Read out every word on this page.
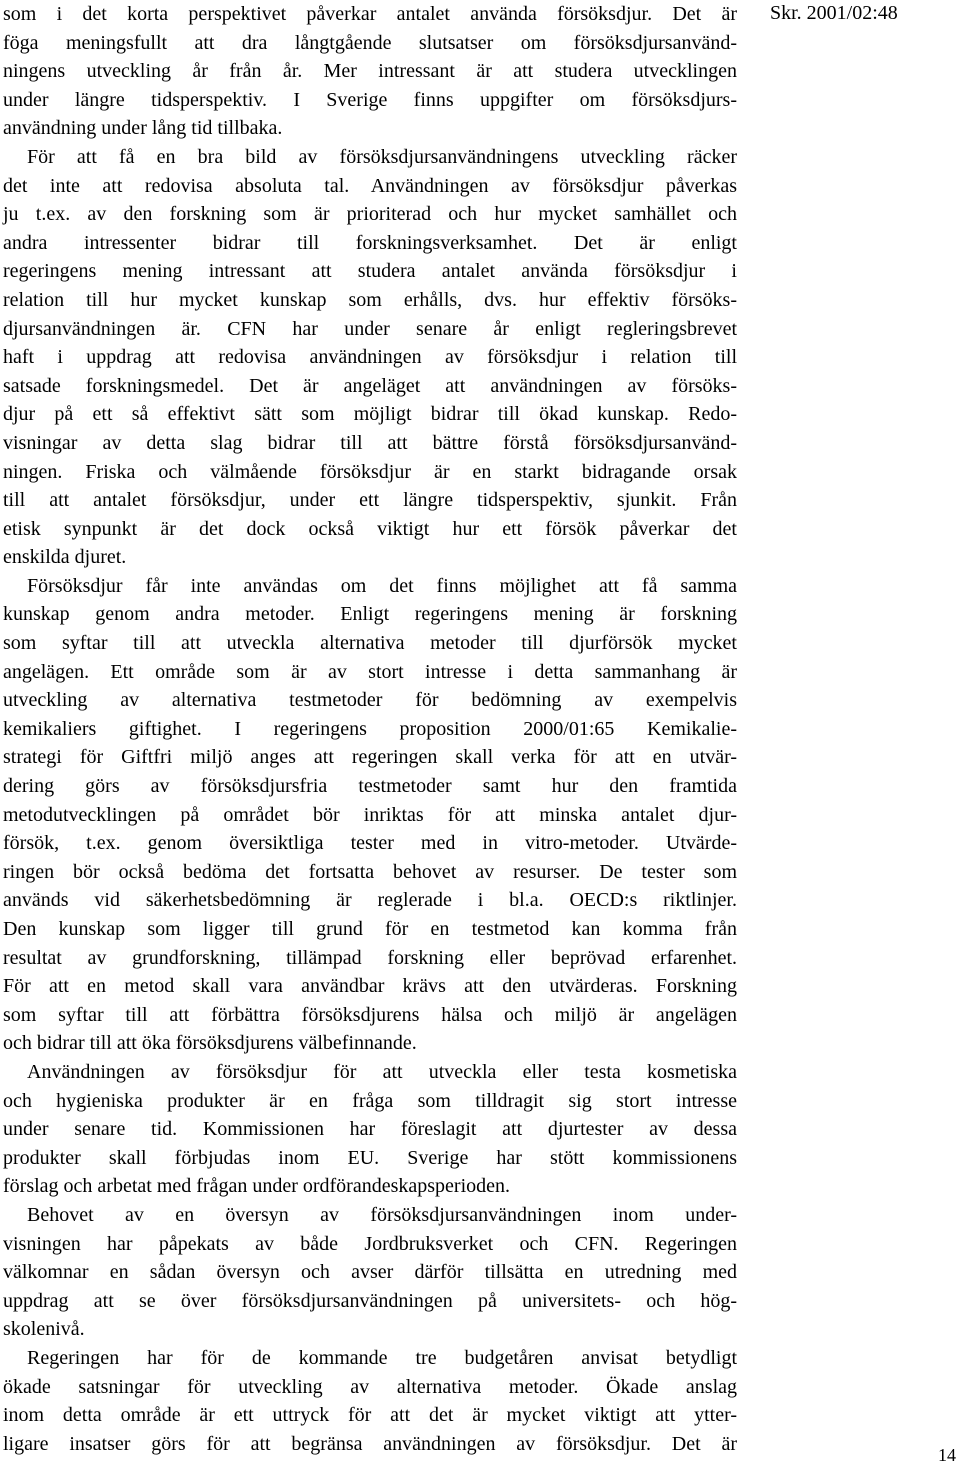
som i det korta perspektivet påverkar antalet använda försöksdjur. Det är
föga meningsfullt att dra långtgående slutsatser om försöksdjursanvänd-
ningens utveckling år från år. Mer intressant är att studera utvecklingen
under längre tidsperspektiv. I Sverige finns uppgifter om försöksdjurs-
användning under lång tid tillbaka.
För att få en bra bild av försöksdjursanvändningens utveckling räcker
det inte att redovisa absoluta tal. Användningen av försöksdjur påverkas
ju t.ex. av den forskning som är prioriterad och hur mycket samhället och
andra intressenter bidrar till forskningsverksamhet. Det är enligt
regeringens mening intressant att studera antalet använda försöksdjur i
relation till hur mycket kunskap som erhålls, dvs. hur effektiv försöks-
djursanvändningen är. CFN har under senare år enligt regleringsbrevet
haft i uppdrag att redovisa användningen av försöksdjur i relation till
satsade forskningsmedel. Det är angeläget att användningen av försöks-
djur på ett så effektivt sätt som möjligt bidrar till ökad kunskap. Redo-
visningar av detta slag bidrar till att bättre förstå försöksdjursanvänd-
ningen. Friska och välmående försöksdjur är en starkt bidragande orsak
till att antalet försöksdjur, under ett längre tidsperspektiv, sjunkit. Från
etisk synpunkt är det dock också viktigt hur ett försök påverkar det
enskilda djuret.
Försöksdjur får inte användas om det finns möjlighet att få samma
kunskap genom andra metoder. Enligt regeringens mening är forskning
som syftar till att utveckla alternativa metoder till djurförsök mycket
angelägen. Ett område som är av stort intresse i detta sammanhang är
utveckling av alternativa testmetoder för bedömning av exempelvis
kemikaliers giftighet. I regeringens proposition 2000/01:65 Kemikalie-
strategi för Giftfri miljö anges att regeringen skall verka för att en utvär-
dering görs av försöksdjursfria testmetoder samt hur den framtida
metodutvecklingen på området bör inriktas för att minska antalet djur-
försök, t.ex. genom översiktliga tester med in vitro-metoder. Utvärde-
ringen bör också bedöma det fortsatta behovet av resurser. De tester som
används vid säkerhetsbedömning är reglerade i bl.a. OECD:s riktlinjer.
Den kunskap som ligger till grund för en testmetod kan komma från
resultat av grundforskning, tillämpad forskning eller beprövad erfarenhet.
För att en metod skall vara användbar krävs att den utvärderas. Forskning
som syftar till att förbättra försöksdjurens hälsa och miljö är angelägen
och bidrar till att öka försöksdjurens välbefinnande.
Användningen av försöksdjur för att utveckla eller testa kosmetiska
och hygieniska produkter är en fråga som tilldragit sig stort intresse
under senare tid. Kommissionen har föreslagit att djurtester av dessa
produkter skall förbjudas inom EU. Sverige har stött kommissionens
förslag och arbetat med frågan under ordförandeskapsperioden.
Behovet av en översyn av försöksdjursanvändningen inom under-
visningen har påpekats av både Jordbruksverket och CFN. Regeringen
välkomnar en sådan översyn och avser därför tillsätta en utredning med
uppdrag att se över försöksdjursanvändningen på universitets- och hög-
skolenivå.
Regeringen har för de kommande tre budgetåren anvisat betydligt
ökade satsningar för utveckling av alternativa metoder. Ökade anslag
inom detta område är ett uttryck för att det är mycket viktigt att ytter-
ligare insatser görs för att begränsa användningen av försöksdjur. Det är
Skr. 2001/02:48
14
